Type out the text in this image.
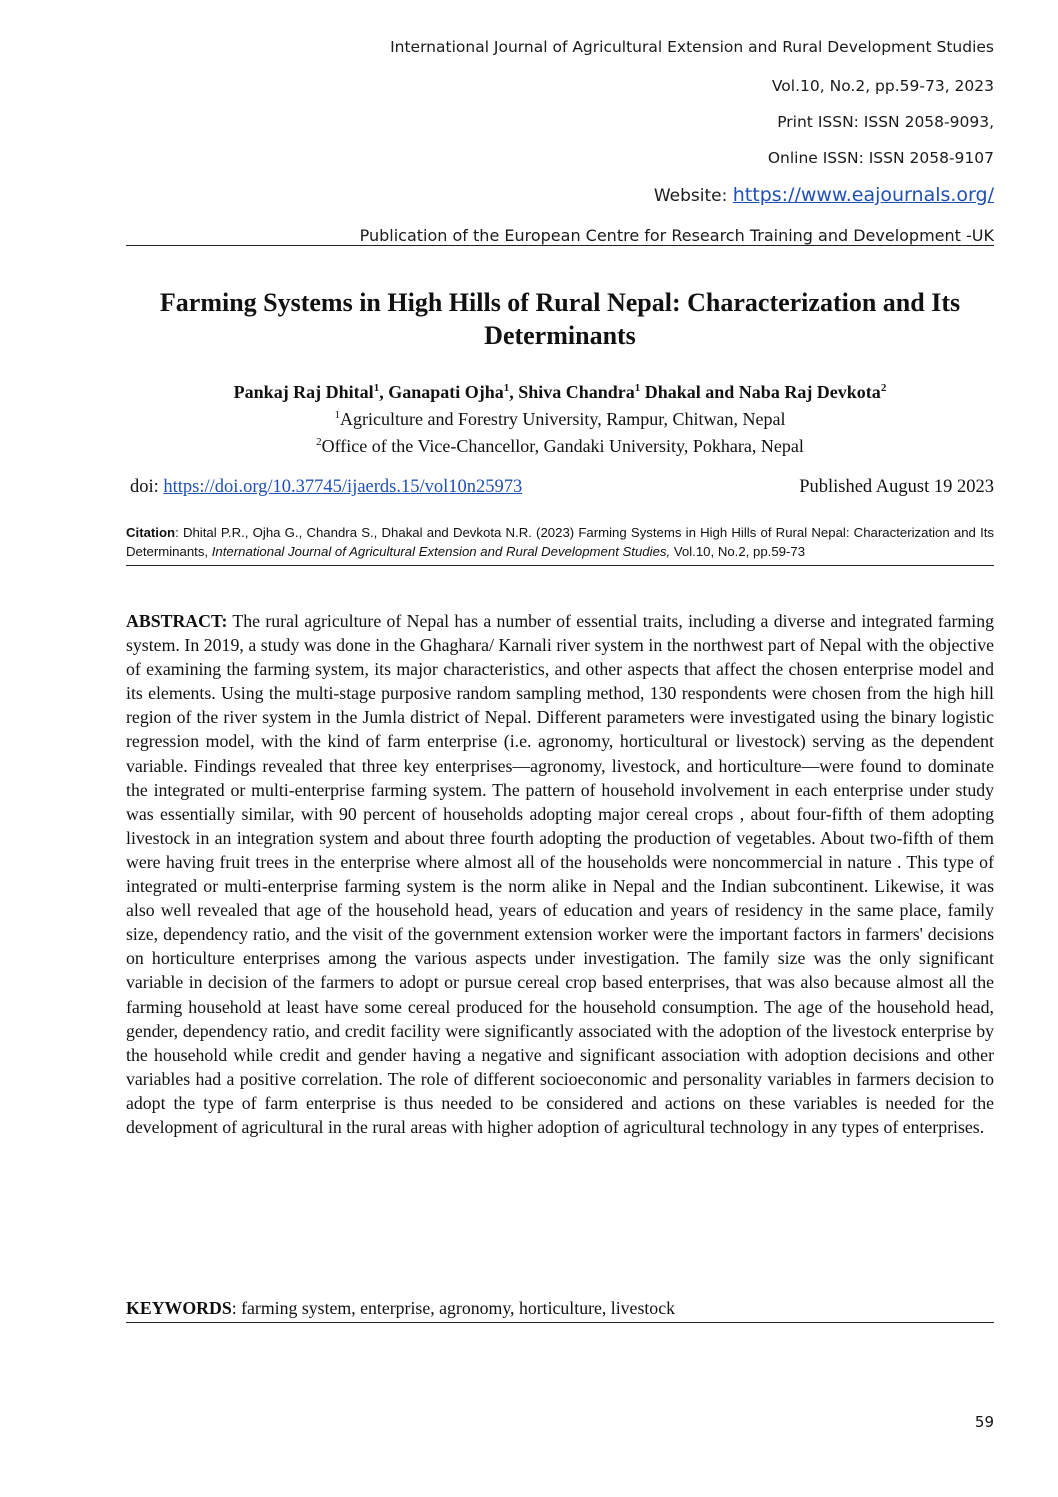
International Journal of Agricultural Extension and Rural Development Studies
Vol.10, No.2, pp.59-73, 2023
Print ISSN: ISSN 2058-9093,
Online ISSN: ISSN 2058-9107
Website: https://www.eajournals.org/
Publication of the European Centre for Research Training and Development -UK
Farming Systems in High Hills of Rural Nepal: Characterization and Its Determinants
Pankaj Raj Dhital$^1$, Ganapati Ojha$^1$, Shiva Chandra$^1$ Dhakal and Naba Raj Devkota$^2$
$^1$Agriculture and Forestry University, Rampur, Chitwan, Nepal
$^2$Office of the Vice-Chancellor, Gandaki University, Pokhara, Nepal
doi: https://doi.org/10.37745/ijaerds.15/vol10n25973	Published August 19 2023
Citation: Dhital P.R., Ojha G., Chandra S., Dhakal and Devkota N.R. (2023) Farming Systems in High Hills of Rural Nepal: Characterization and Its Determinants, International Journal of Agricultural Extension and Rural Development Studies, Vol.10, No.2, pp.59-73
ABSTRACT: The rural agriculture of Nepal has a number of essential traits, including a diverse and integrated farming system. In 2019, a study was done in the Ghaghara/ Karnali river system in the northwest part of Nepal with the objective of examining the farming system, its major characteristics, and other aspects that affect the chosen enterprise model and its elements. Using the multi-stage purposive random sampling method, 130 respondents were chosen from the high hill region of the river system in the Jumla district of Nepal. Different parameters were investigated using the binary logistic regression model, with the kind of farm enterprise (i.e. agronomy, horticultural or livestock) serving as the dependent variable. Findings revealed that three key enterprises—agronomy, livestock, and horticulture—were found to dominate the integrated or multi-enterprise farming system. The pattern of household involvement in each enterprise under study was essentially similar, with 90 percent of households adopting major cereal crops , about four-fifth of them adopting livestock in an integration system and about three fourth adopting the production of vegetables. About two-fifth of them were having fruit trees in the enterprise where almost all of the households were noncommercial in nature . This type of integrated or multi-enterprise farming system is the norm alike in Nepal and the Indian subcontinent. Likewise, it was also well revealed that age of the household head, years of education and years of residency in the same place, family size, dependency ratio, and the visit of the government extension worker were the important factors in farmers' decisions on horticulture enterprises among the various aspects under investigation. The family size was the only significant variable in decision of the farmers to adopt or pursue cereal crop based enterprises, that was also because almost all the farming household at least have some cereal produced for the household consumption. The age of the household head, gender, dependency ratio, and credit facility were significantly associated with the adoption of the livestock enterprise by the household while credit and gender having a negative and significant association with adoption decisions and other variables had a positive correlation. The role of different socioeconomic and personality variables in farmers decision to adopt the type of farm enterprise is thus needed to be considered and actions on these variables is needed for the development of agricultural in the rural areas with higher adoption of agricultural technology in any types of enterprises.
KEYWORDS: farming system, enterprise, agronomy, horticulture, livestock
59
